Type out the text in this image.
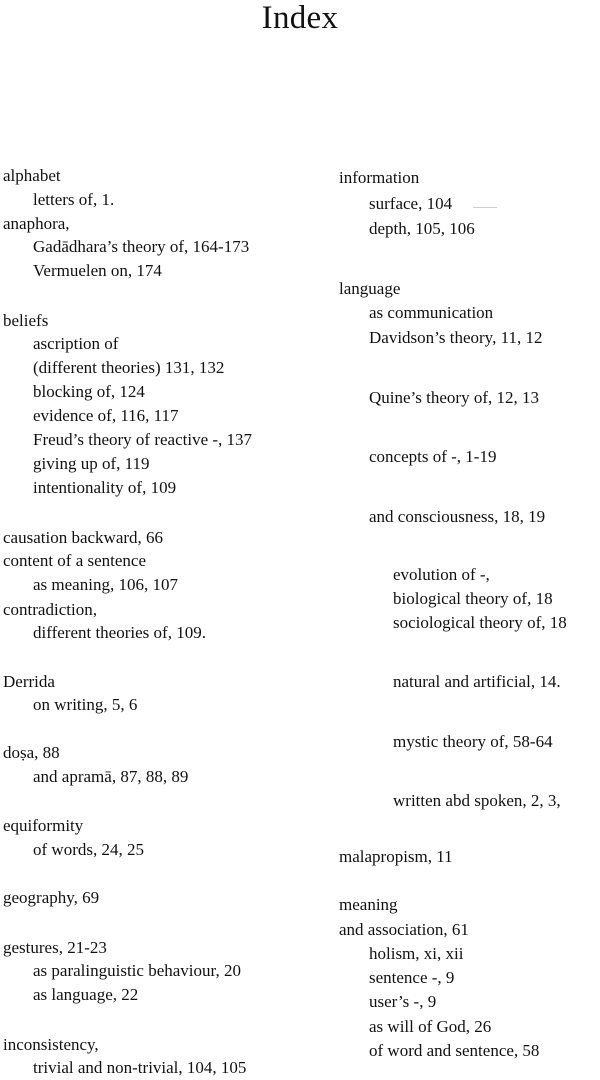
Index
alphabet
letters of, 1.
anaphora,
Gadādhara’s theory of, 164-173
Vermuelen on, 174
beliefs
ascription of
(different theories) 131, 132
blocking of, 124
evidence of, 116, 117
Freud’s theory of reactive -, 137
giving up of, 119
intentionality of, 109
causation backward, 66
content of a sentence
as meaning, 106, 107
contradiction,
different theories of, 109.
Derrida
on writing, 5, 6
doṣa, 88
and apramā, 87, 88, 89
equiformity
of words, 24, 25
geography, 69
gestures, 21-23
as paralinguistic behaviour, 20
as language, 22
inconsistency,
trivial and non-trivial, 104, 105
information
surface, 104
depth, 105, 106
language
as communication
Davidson’s theory, 11, 12
Quine’s theory of, 12, 13
concepts of -, 1-19
and consciousness, 18, 19
evolution of -,
biological theory of, 18
sociological theory of, 18
natural and artificial, 14.
mystic theory of, 58-64
written abd spoken, 2, 3,
malapropism, 11
meaning
and association, 61
holism, xi, xii
sentence -, 9
user’s -, 9
as will of God, 26
of word and sentence, 58
